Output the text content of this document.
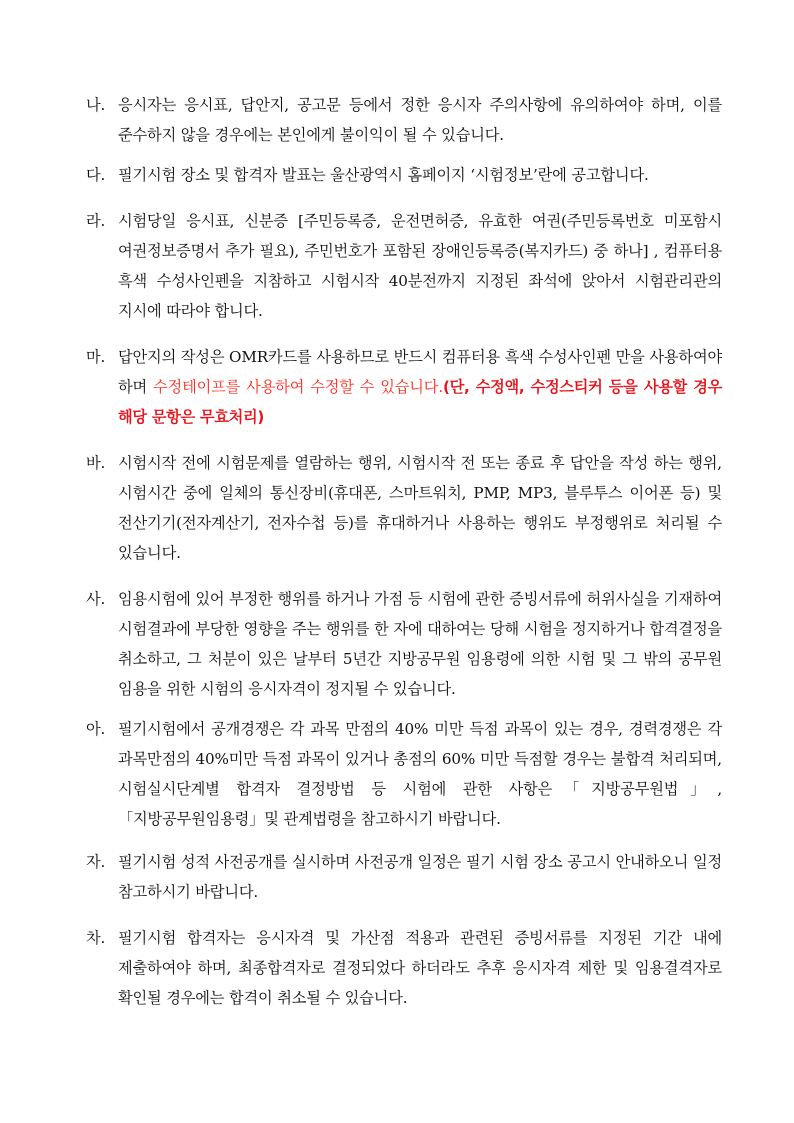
나. 응시자는 응시표, 답안지, 공고문 등에서 정한 응시자 주의사항에 유의하여야 하며, 이를 준수하지 않을 경우에는 본인에게 불이익이 될 수 있습니다.
다. 필기시험 장소 및 합격자 발표는 울산광역시 홈페이지 ‘시험정보’란에 공고합니다.
라. 시험당일 응시표, 신분증 [주민등록증, 운전면허증, 유효한 여권(주민등록번호 미포함시 여권정보증명서 추가 필요), 주민번호가 포함된 장애인등록증(복지카드) 중 하나] , 컴퓨터용 흑색 수성사인펜을 지참하고 시험시작 40분전까지 지정된 좌석에 앉아서 시험관리관의 지시에 따라야 합니다.
마. 답안지의 작성은 OMR카드를 사용하므로 반드시 컴퓨터용 흑색 수성사인펜 만을 사용하여야 하며 수정테이프를 사용하여 수정할 수 있습니다.(단, 수정액, 수정스티커 등을 사용할 경우 해당 문항은 무효처리)
바. 시험시작 전에 시험문제를 열람하는 행위, 시험시작 전 또는 종료 후 답안을 작성 하는 행위, 시험시간 중에 일체의 통신장비(휴대폰, 스마트워치, PMP, MP3, 블루투스 이어폰 등) 및 전산기기(전자계산기, 전자수첩 등)를 휴대하거나 사용하는 행위도 부정행위로 처리될 수 있습니다.
사. 임용시험에 있어 부정한 행위를 하거나 가점 등 시험에 관한 증빙서류에 허위사실을 기재하여 시험결과에 부당한 영향을 주는 행위를 한 자에 대하여는 당해 시험을 정지하거나 합격결정을 취소하고, 그 처분이 있은 날부터 5년간 지방공무원 임용령에 의한 시험 및 그 밖의 공무원 임용을 위한 시험의 응시자격이 정지될 수 있습니다.
아. 필기시험에서 공개경쟁은 각 과목 만점의 40% 미만 득점 과목이 있는 경우, 경력경쟁은 각 과목만점의 40%미만 득점 과목이 있거나 총점의 60% 미만 득점할 경우는 불합격 처리되며, 시험실시단계별 합격자 결정방법 등 시험에 관한 사항은「지방공무원법」,「지방공무원임용령」및 관계법령을 참고하시기 바랍니다.
자. 필기시험 성적 사전공개를 실시하며 사전공개 일정은 필기 시험 장소 공고시 안내하오니 일정 참고하시기 바랍니다.
차. 필기시험 합격자는 응시자격 및 가산점 적용과 관련된 증빙서류를 지정된 기간 내에 제출하여야 하며, 최종합격자로 결정되었다 하더라도 추후 응시자격 제한 및 임용결격자로 확인될 경우에는 합격이 취소될 수 있습니다.
